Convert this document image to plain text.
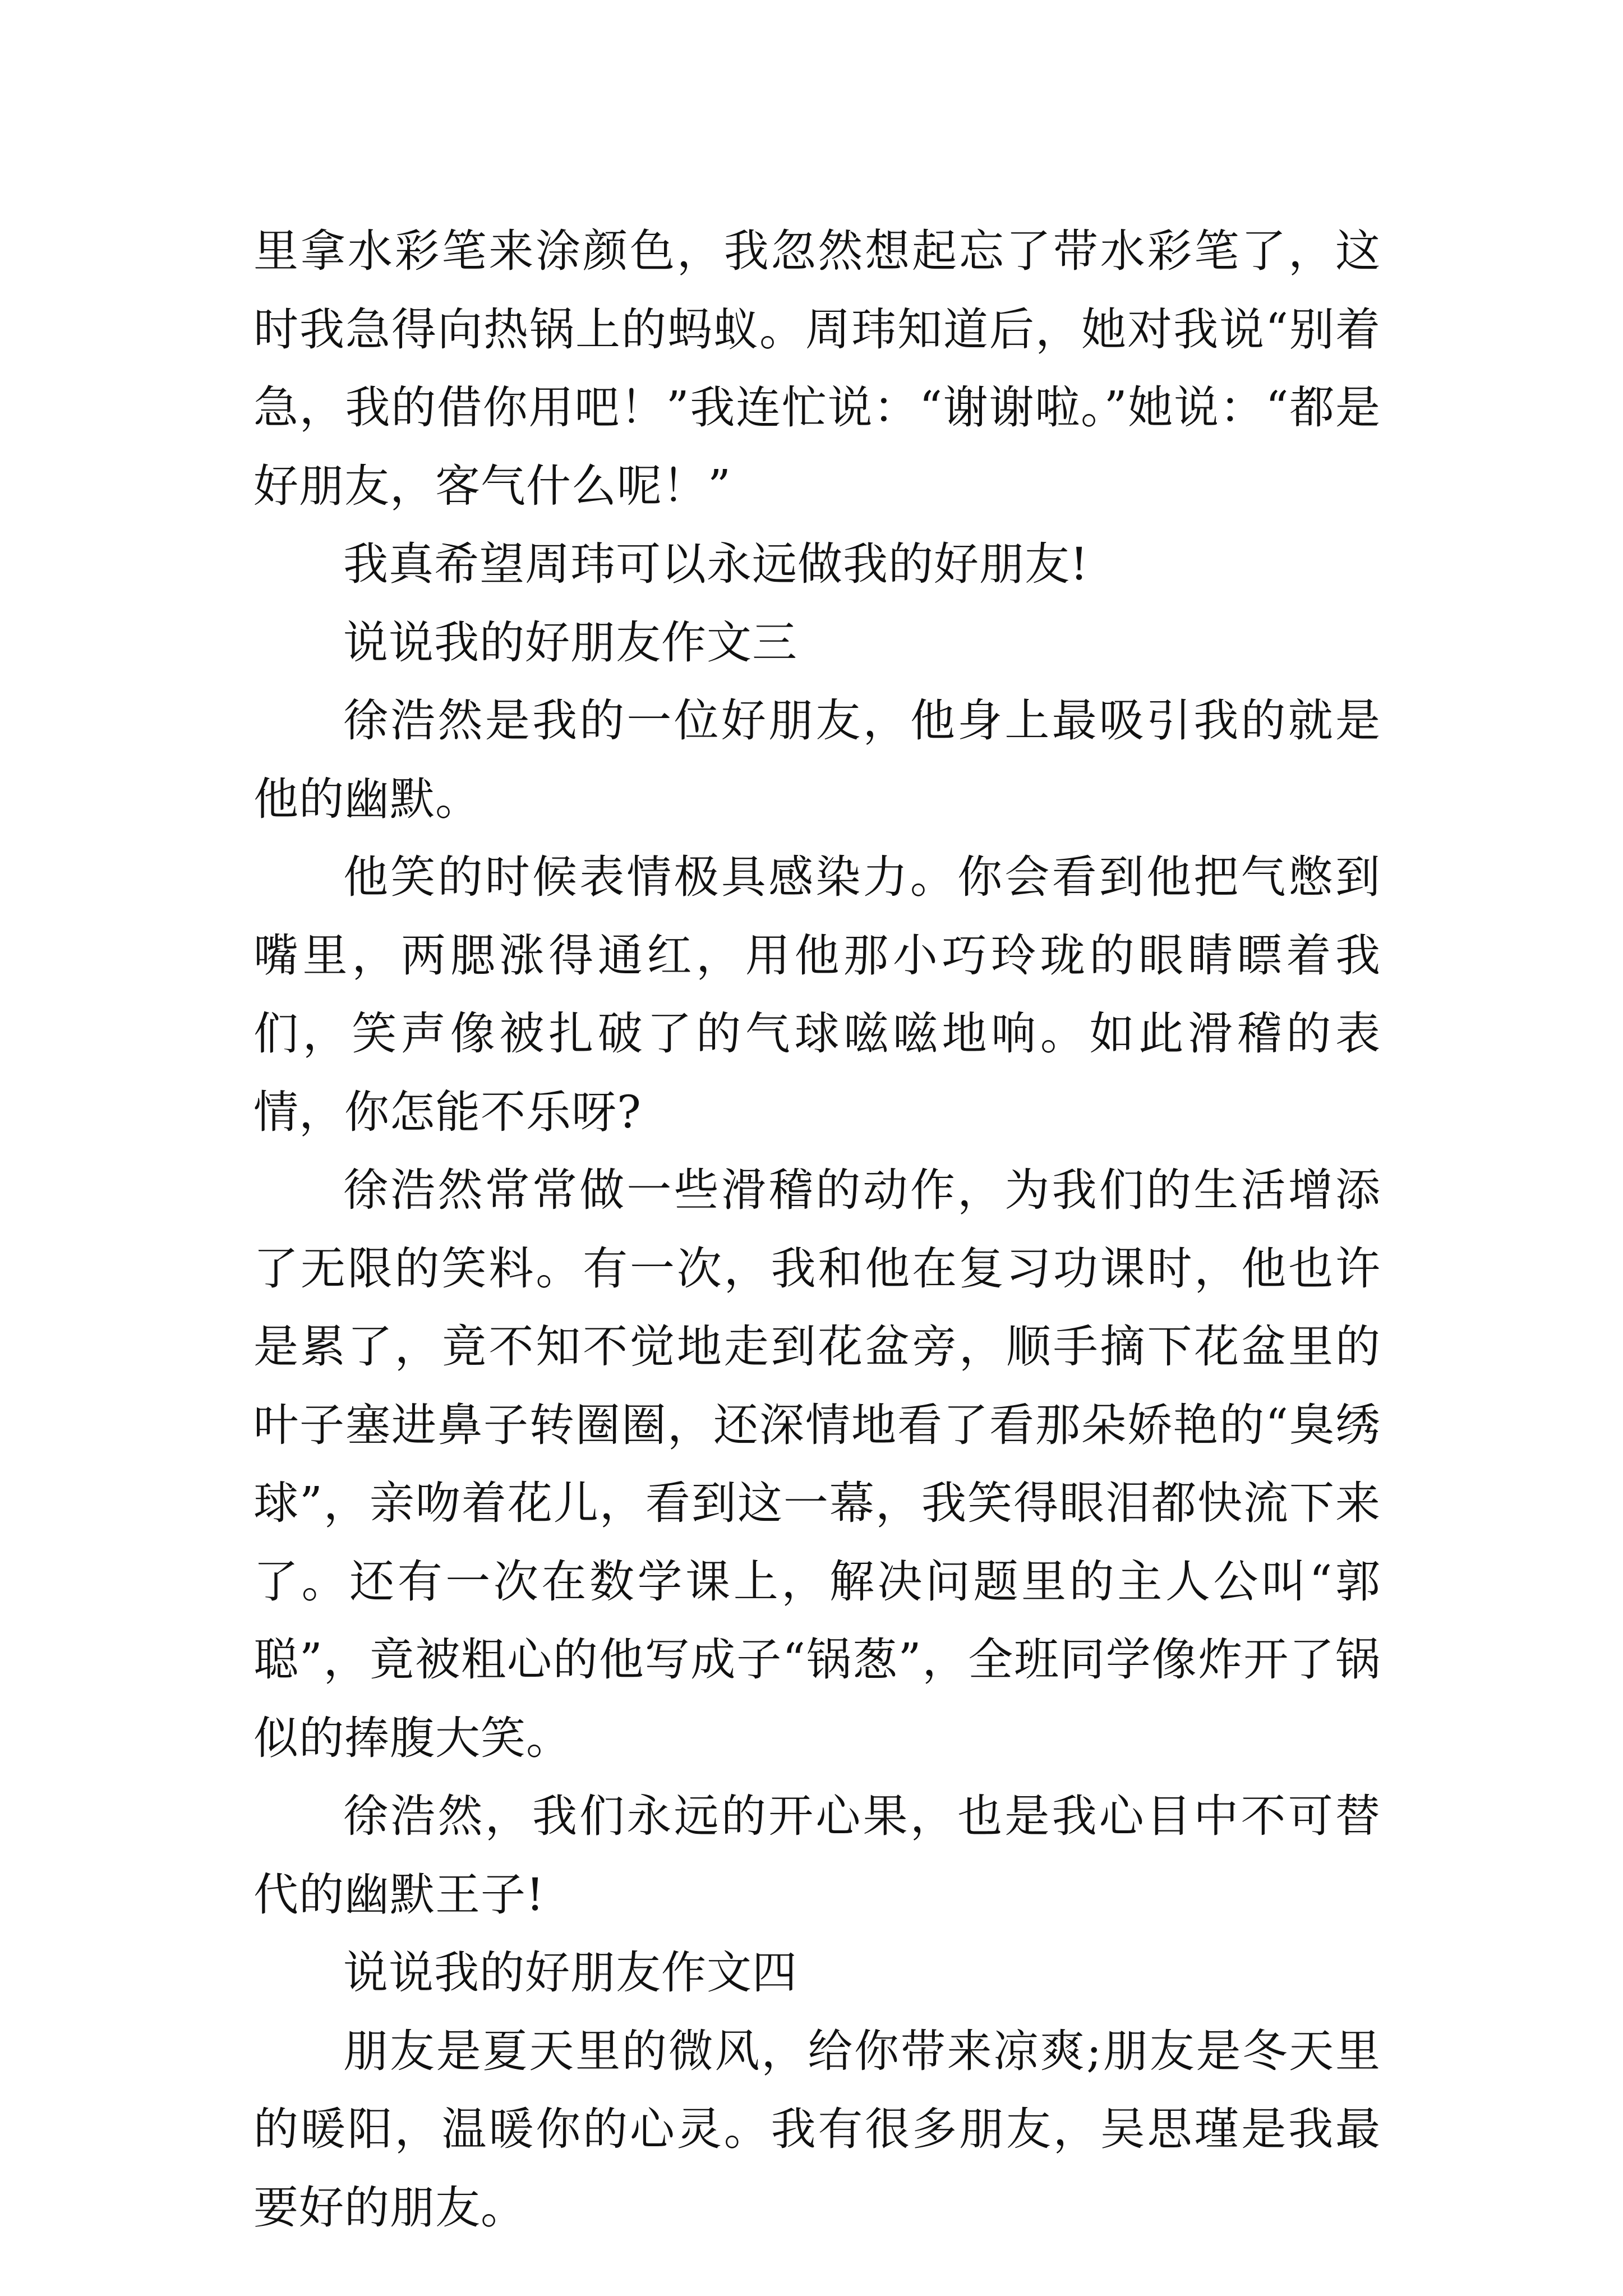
里拿水彩笔来涂颜色，我忽然想起忘了带水彩笔了，这时我急得向热锅上的蚂蚁。周玮知道后，她对我说“别着急，我的借你用吧！”我连忙说：“谢谢啦。”她说：“都是好朋友，客气什么呢！”

我真希望周玮可以永远做我的好朋友!

说说我的好朋友作文三

徐浩然是我的一位好朋友，他身上最吸引我的就是他的幽默。

他笑的时候表情极具感染力。你会看到他把气憋到嘴里，两腮涨得通红，用他那小巧玲珑的眼睛瞟着我们，笑声像被扎破了的气球嗞嗞地响。如此滑稽的表情，你怎能不乐呀?

徐浩然常常做一些滑稽的动作，为我们的生活增添了无限的笑料。有一次，我和他在复习功课时，他也许是累了，竟不知不觉地走到花盆旁，顺手摘下花盆里的叶子塞进鼻子转圈圈，还深情地看了看那朵娇艳的“臭绣球”，亲吻着花儿，看到这一幕，我笑得眼泪都快流下来了。还有一次在数学课上，解决问题里的主人公叫“郭聪”，竟被粗心的他写成子“锅葱”，全班同学像炸开了锅似的捧腹大笑。

徐浩然，我们永远的开心果，也是我心目中不可替代的幽默王子!

说说我的好朋友作文四

朋友是夏天里的微风，给你带来凉爽;朋友是冬天里的暖阳，温暖你的心灵。我有很多朋友，吴思瑾是我最要好的朋友。
